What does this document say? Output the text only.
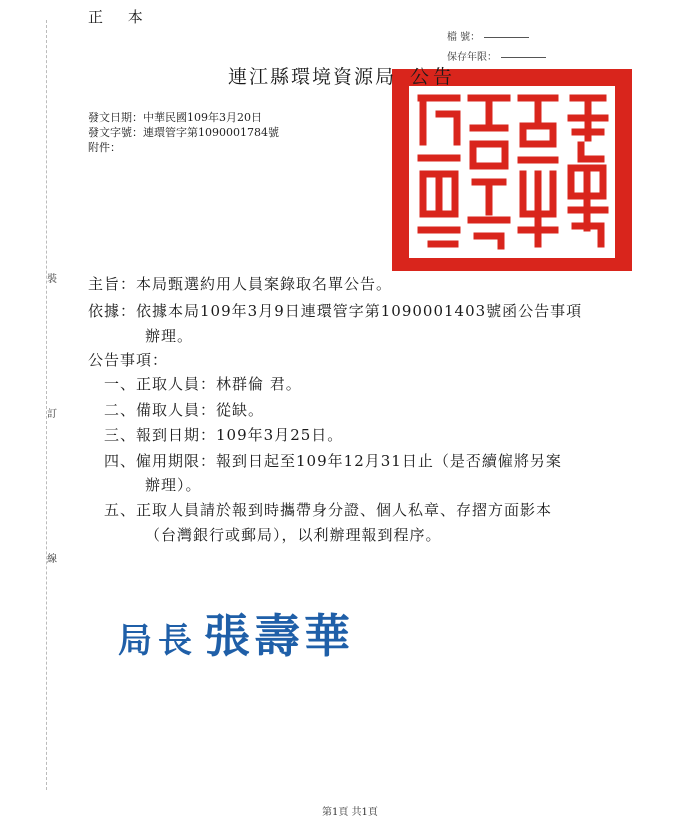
裝
訂
線
正 本
檔 號：
保存年限：
連江縣環境資源局 公告
發文日期：中華民國109年3月20日
發文字號：連環管字第1090001784號
附件：
主旨：本局甄選約用人員案錄取名單公告。
依據：依據本局109年3月9日連環管字第1090001403號函公告事項
辦理。
公告事項：
一、正取人員：林群倫 君。
二、備取人員：從缺。
三、報到日期：109年3月25日。
四、僱用期限：報到日起至109年12月31日止（是否續僱將另案
辦理）。
五、正取人員請於報到時攜帶身分證、個人私章、存摺方面影本
（台灣銀行或郵局），以利辦理報到程序。
局長 張壽華
第1頁 共1頁
